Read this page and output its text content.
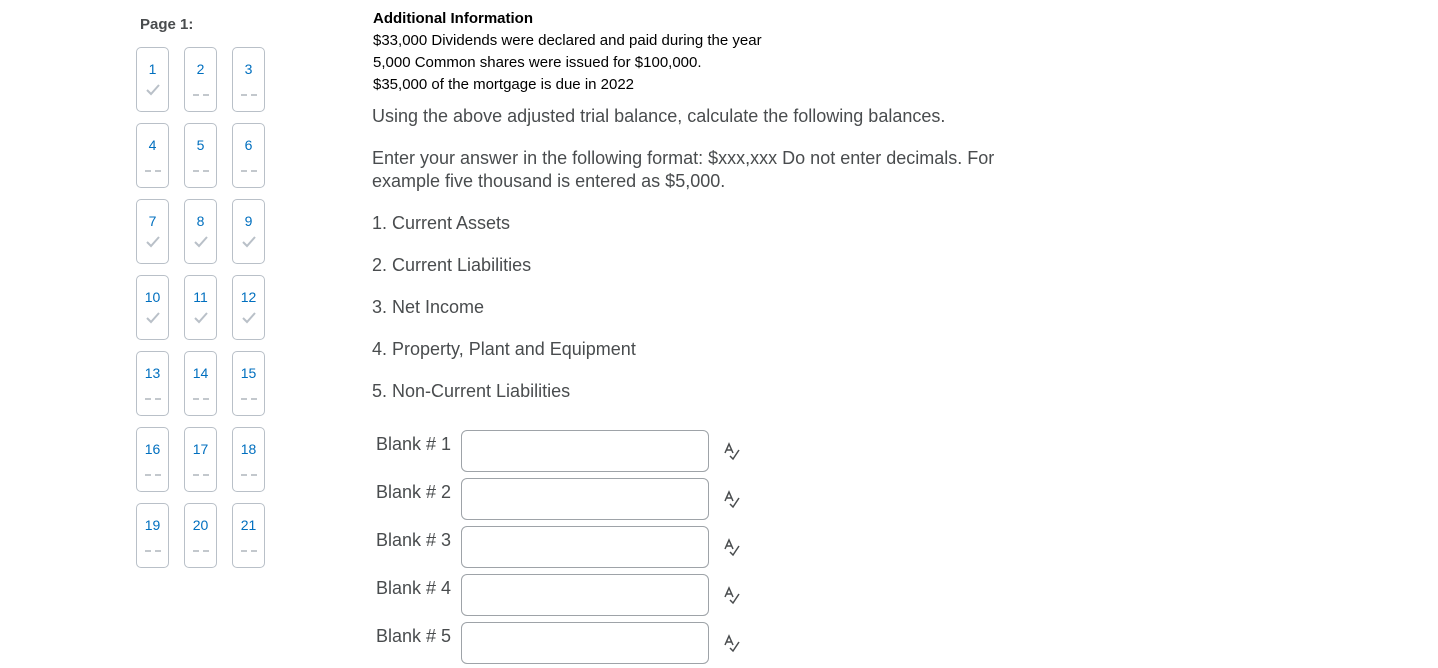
Page 1:
1	2	3
4	5	6
7	8	9
10	11	12
13	14	15
16	17	18
19	20	21
Additional Information
$33,000 Dividends were declared and paid during the year
5,000 Common shares were issued for $100,000.
$35,000 of the mortgage is due in 2022
Using the above adjusted trial balance, calculate the following balances.
Enter your answer in the following format: $xxx,xxx Do not enter decimals. For example five thousand is entered as $5,000.
1. Current Assets
2. Current Liabilities
3. Net Income
4. Property, Plant and Equipment
5. Non-Current Liabilities
Blank # 1
Blank # 2
Blank # 3
Blank # 4
Blank # 5
